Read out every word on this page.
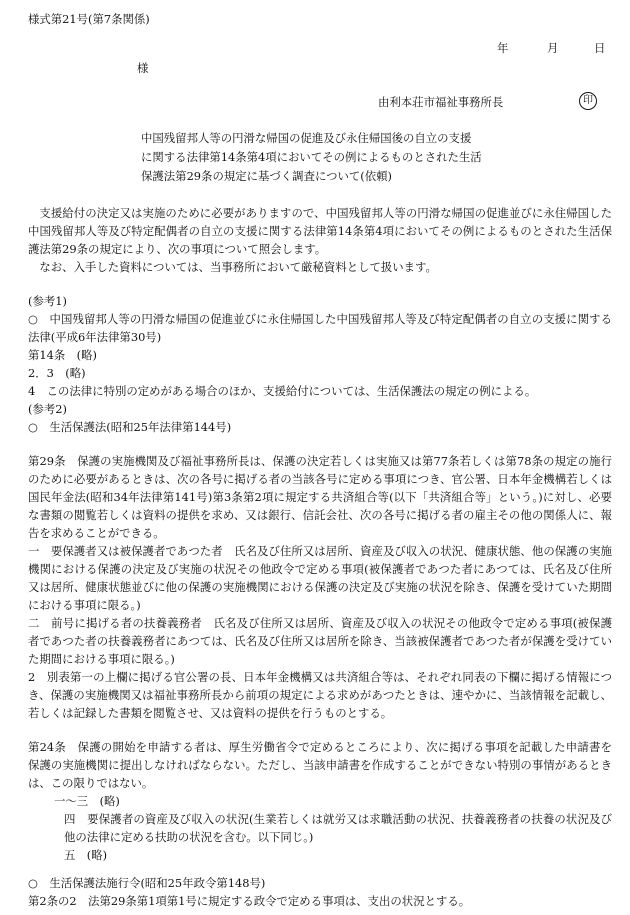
様式第21号(第7条関係)
年	月	日
様
由利本荘市福祉事務所長	印
中国残留邦人等の円滑な帰国の促進及び永住帰国後の自立の支援
に関する法律第14条第4項においてその例によるものとされた生活
保護法第29条の規定に基づく調査について(依頼)

支援給付の決定又は実施のために必要がありますので、中国残留邦人等の円滑な帰国の促進並びに永住帰国した中国残留邦人等及び特定配偶者の自立の支援に関する法律第14条第4項においてその例によるものとされた生活保護法第29条の規定により、次の事項について照会します。

なお、入手した資料については、当事務所において厳秘資料として扱います。

(参考1)

○　中国残留邦人等の円滑な帰国の促進並びに永住帰国した中国残留邦人等及び特定配偶者の自立の支援に関する法律(平成6年法律第30号)

第14条　(略)

2．3　(略)

4　この法律に特別の定めがある場合のほか、支援給付については、生活保護法の規定の例による。

(参考2)

○　生活保護法(昭和25年法律第144号)

第29条　保護の実施機関及び福祉事務所長は、保護の決定若しくは実施又は第77条若しくは第78条の規定の施行のために必要があるときは、次の各号に掲げる者の当該各号に定める事項につき、官公署、日本年金機構若しくは国民年金法(昭和34年法律第141号)第3条第2項に規定する共済組合等(以下「共済組合等」という。)に対し、必要な書類の閲覧若しくは資料の提供を求め、又は銀行、信託会社、次の各号に掲げる者の雇主その他の関係人に、報告を求めることができる。

一　要保護者又は被保護者であつた者　氏名及び住所又は居所、資産及び収入の状況、健康状態、他の保護の実施機関における保護の決定及び実施の状況その他政令で定める事項(被保護者であつた者にあつては、氏名及び住所又は居所、健康状態並びに他の保護の実施機関における保護の決定及び実施の状況を除き、保護を受けていた期間における事項に限る。)

二　前号に掲げる者の扶養義務者　氏名及び住所又は居所、資産及び収入の状況その他政令で定める事項(被保護者であつた者の扶養義務者にあつては、氏名及び住所又は居所を除き、当該被保護者であつた者が保護を受けていた期間における事項に限る。)

2　別表第一の上欄に掲げる官公署の長、日本年金機構又は共済組合等は、それぞれ同表の下欄に掲げる情報につき、保護の実施機関又は福祉事務所長から前項の規定による求めがあつたときは、速やかに、当該情報を記載し、若しくは記録した書類を閲覧させ、又は資料の提供を行うものとする。

第24条　保護の開始を申請する者は、厚生労働省令で定めるところにより、次に掲げる事項を記載した申請書を保護の実施機関に提出しなければならない。ただし、当該申請書を作成することができない特別の事情があるときは、この限りではない。

一～三　(略)

四　要保護者の資産及び収入の状況(生業若しくは就労又は求職活動の状況、扶養義務者の扶養の状況及び他の法律に定める扶助の状況を含む。以下同じ。)

五　(略)

○　生活保護法施行令(昭和25年政令第148号)

第2条の2　法第29条第1項第1号に規定する政令で定める事項は、支出の状況とする。
